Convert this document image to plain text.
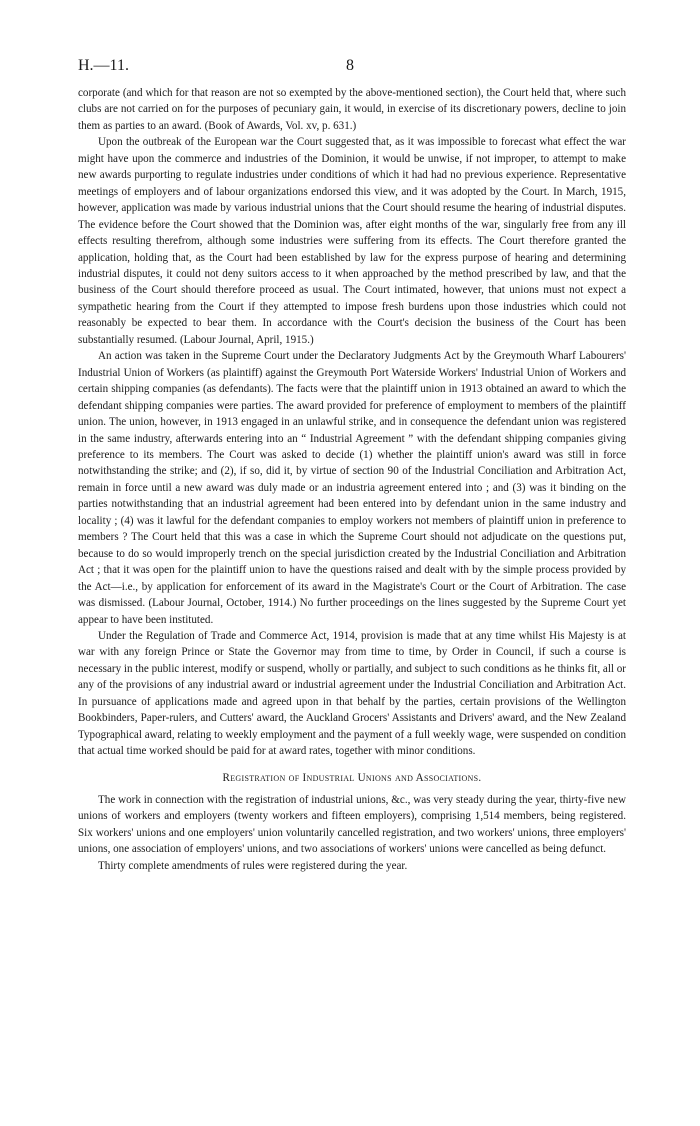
H.—11.	8

corporate (and which for that reason are not so exempted by the above-mentioned section), the Court held that, where such clubs are not carried on for the purposes of pecuniary gain, it would, in exercise of its discretionary powers, decline to join them as parties to an award. (Book of Awards, Vol. xv, p. 631.)

Upon the outbreak of the European war the Court suggested that, as it was impossible to forecast what effect the war might have upon the commerce and industries of the Dominion, it would be unwise, if not improper, to attempt to make new awards purporting to regulate industries under conditions of which it had had no previous experience. Representative meetings of employers and of labour organizations endorsed this view, and it was adopted by the Court. In March, 1915, however, application was made by various industrial unions that the Court should resume the hearing of industrial disputes. The evidence before the Court showed that the Dominion was, after eight months of the war, singularly free from any ill effects resulting therefrom, although some industries were suffering from its effects. The Court therefore granted the application, holding that, as the Court had been established by law for the express purpose of hearing and determining industrial disputes, it could not deny suitors access to it when approached by the method prescribed by law, and that the business of the Court should therefore proceed as usual. The Court intimated, however, that unions must not expect a sympathetic hearing from the Court if they attempted to impose fresh burdens upon those industries which could not reasonably be expected to bear them. In accordance with the Court's decision the business of the Court has been substantially resumed. (Labour Journal, April, 1915.)

An action was taken in the Supreme Court under the Declaratory Judgments Act by the Greymouth Wharf Labourers' Industrial Union of Workers (as plaintiff) against the Greymouth Port Waterside Workers' Industrial Union of Workers and certain shipping companies (as defendants). The facts were that the plaintiff union in 1913 obtained an award to which the defendant shipping companies were parties. The award provided for preference of employment to members of the plaintiff union. The union, however, in 1913 engaged in an unlawful strike, and in consequence the defendant union was registered in the same industry, afterwards entering into an “ Industrial Agreement ” with the defendant shipping companies giving preference to its members. The Court was asked to decide (1) whether the plaintiff union's award was still in force notwithstanding the strike; and (2), if so, did it, by virtue of section 90 of the Industrial Conciliation and Arbitration Act, remain in force until a new award was duly made or an industria agreement entered into ; and (3) was it binding on the parties notwithstanding that an industrial agreement had been entered into by defendant union in the same industry and locality ; (4) was it lawful for the defendant companies to employ workers not members of plaintiff union in preference to members ? The Court held that this was a case in which the Supreme Court should not adjudicate on the questions put, because to do so would improperly trench on the special jurisdiction created by the Industrial Conciliation and Arbitration Act ; that it was open for the plaintiff union to have the questions raised and dealt with by the simple process provided by the Act—i.e., by application for enforcement of its award in the Magistrate's Court or the Court of Arbitration. The case was dismissed. (Labour Journal, October, 1914.) No further proceedings on the lines suggested by the Supreme Court yet appear to have been instituted.

Under the Regulation of Trade and Commerce Act, 1914, provision is made that at any time whilst His Majesty is at war with any foreign Prince or State the Governor may from time to time, by Order in Council, if such a course is necessary in the public interest, modify or suspend, wholly or partially, and subject to such conditions as he thinks fit, all or any of the provisions of any industrial award or industrial agreement under the Industrial Conciliation and Arbitration Act. In pursuance of applications made and agreed upon in that behalf by the parties, certain provisions of the Wellington Bookbinders, Paper-rulers, and Cutters' award, the Auckland Grocers' Assistants and Drivers' award, and the New Zealand Typographical award, relating to weekly employment and the payment of a full weekly wage, were suspended on condition that actual time worked should be paid for at award rates, together with minor conditions.

Registration of Industrial Unions and Associations.

The work in connection with the registration of industrial unions, &c., was very steady during the year, thirty-five new unions of workers and employers (twenty workers and fifteen employers), comprising 1,514 members, being registered. Six workers' unions and one employers' union voluntarily cancelled registration, and two workers' unions, three employers' unions, one association of employers' unions, and two associations of workers' unions were cancelled as being defunct.

Thirty complete amendments of rules were registered during the year.
